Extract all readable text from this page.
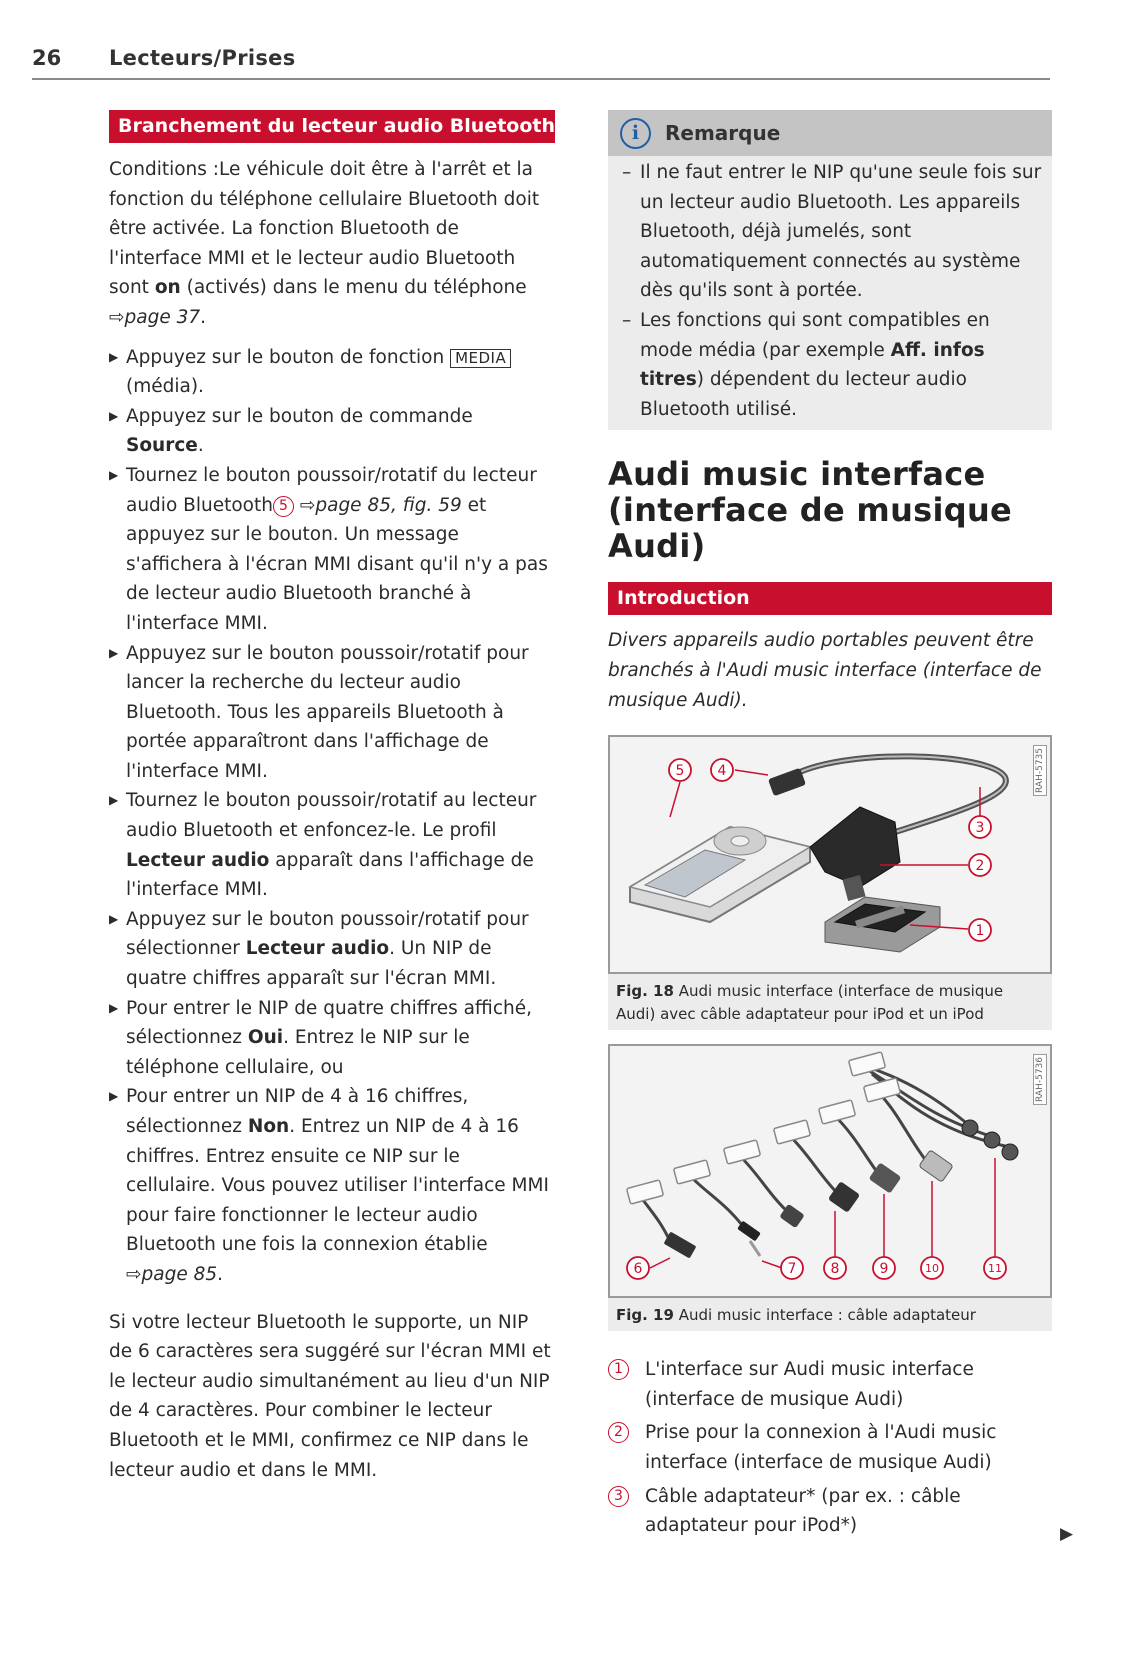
26 Lecteurs/Prises
Branchement du lecteur audio Bluetooth

Conditions :Le véhicule doit être à l'arrêt et la fonction du téléphone cellulaire Bluetooth doit être activée. La fonction Bluetooth de l'interface MMI et le lecteur audio Bluetooth sont on (activés) dans le menu du téléphone ⇨page 37.

▶ Appuyez sur le bouton de fonction MEDIA (média).
▶ Appuyez sur le bouton de commande Source.
▶ Tournez le bouton poussoir/rotatif du lecteur audio Bluetooth 5 ⇨page 85, fig. 59 et appuyez sur le bouton. Un message s'affichera à l'écran MMI disant qu'il n'y a pas de lecteur audio Bluetooth branché à l'interface MMI.
▶ Appuyez sur le bouton poussoir/rotatif pour lancer la recherche du lecteur audio Bluetooth. Tous les appareils Bluetooth à portée apparaîtront dans l'affichage de l'interface MMI.
▶ Tournez le bouton poussoir/rotatif au lecteur audio Bluetooth et enfoncez-le. Le profil Lecteur audio apparaît dans l'affichage de l'interface MMI.
▶ Appuyez sur le bouton poussoir/rotatif pour sélectionner Lecteur audio. Un NIP de quatre chiffres apparaît sur l'écran MMI.
▶ Pour entrer le NIP de quatre chiffres affiché, sélectionnez Oui. Entrez le NIP sur le téléphone cellulaire, ou
▶ Pour entrer un NIP de 4 à 16 chiffres, sélectionnez Non. Entrez un NIP de 4 à 16 chiffres. Entrez ensuite ce NIP sur le cellulaire. Vous pouvez utiliser l'interface MMI pour faire fonctionner le lecteur audio Bluetooth une fois la connexion établie ⇨page 85.

Si votre lecteur Bluetooth le supporte, un NIP de 6 caractères sera suggéré sur l'écran MMI et le lecteur audio simultanément au lieu d'un NIP de 4 caractères. Pour combiner le lecteur Bluetooth et le MMI, confirmez ce NIP dans le lecteur audio et dans le MMI.

i	Remarque
– Il ne faut entrer le NIP qu'une seule fois sur un lecteur audio Bluetooth. Les appareils Bluetooth, déjà jumelés, sont automatiquement connectés au système dès qu'ils sont à portée.
– Les fonctions qui sont compatibles en mode média (par exemple Aff. infos titres) dépendent du lecteur audio Bluetooth utilisé.
Audi music interface (interface de musique Audi)
Introduction

Divers appareils audio portables peuvent être branchés à l'Audi music interface (interface de musique Audi).

5 4
3
2
1
RAH-5735
Fig. 18 Audi music interface (interface de musique Audi) avec câble adaptateur pour iPod et un iPod
6	7 8	9	10	11
RAH-5736
Fig. 19 Audi music interface : câble adaptateur
1	L'interface sur Audi music interface (interface de musique Audi)
2	Prise pour la connexion à l'Audi music interface (interface de musique Audi)
3	Câble adaptateur* (par ex. : câble adaptateur pour iPod*)	▶
